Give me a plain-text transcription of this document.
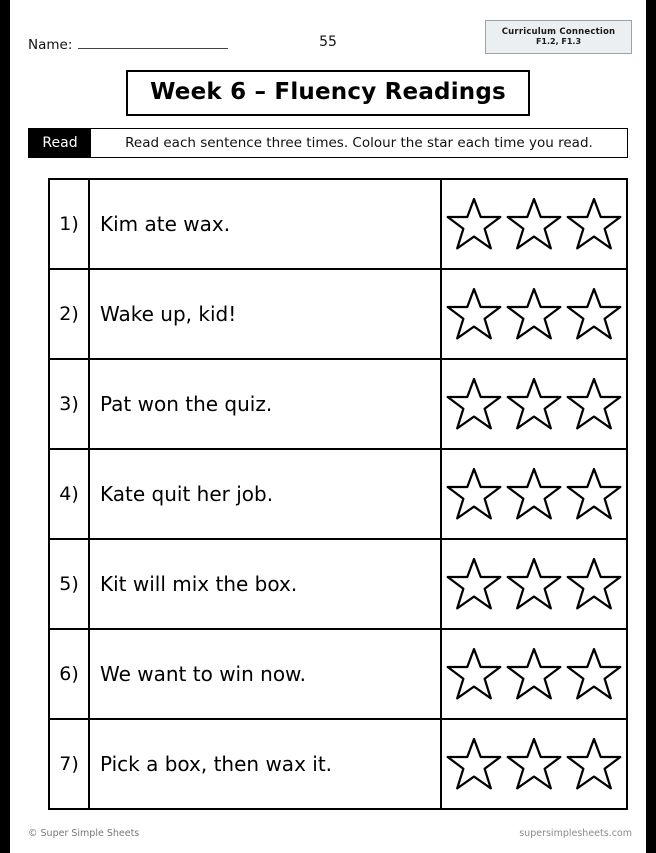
Name:	55
Curriculum Connection
F1.2, F1.3
Week 6 – Fluency Readings
Read	Read each sentence three times. Colour the star each time you read.
1)	Kim ate wax.
2)	Wake up, kid!
3)	Pat won the quiz.
4)	Kate quit her job.
5)	Kit will mix the box.
6)	We want to win now.
7)	Pick a box, then wax it.
© Super Simple Sheets	supersimplesheets.com
